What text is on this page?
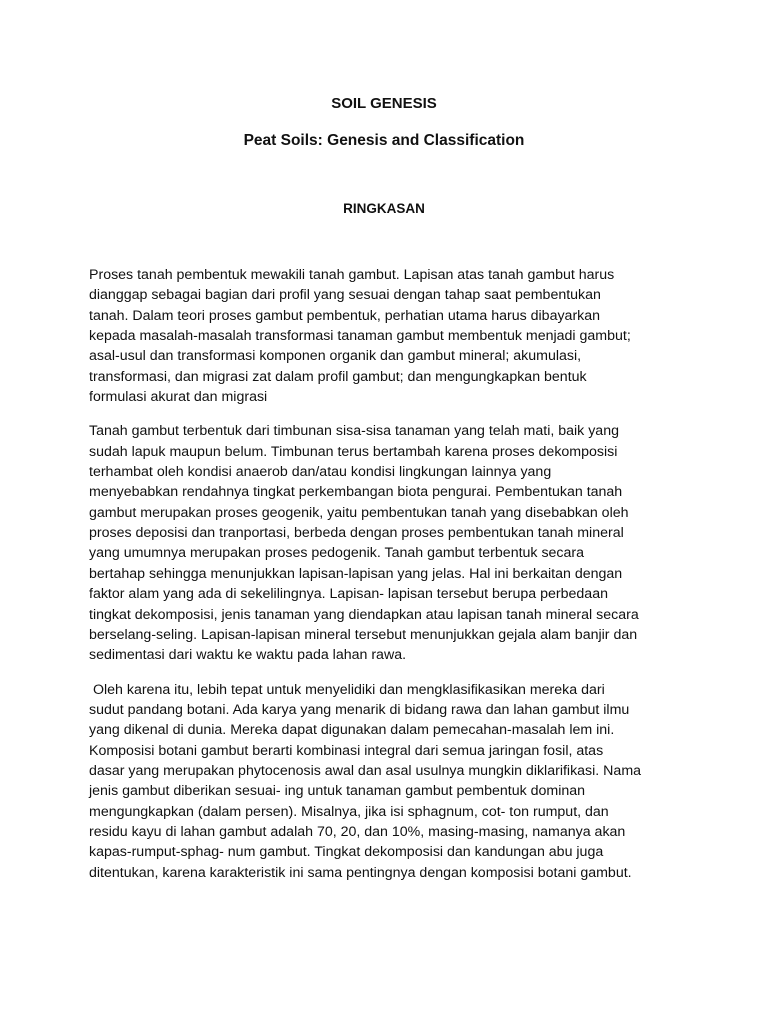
SOIL GENESIS
Peat Soils: Genesis and Classification
RINGKASAN

Proses tanah pembentuk mewakili tanah gambut. Lapisan atas tanah gambut harus
dianggap sebagai bagian dari profil yang sesuai dengan tahap saat pembentukan
tanah. Dalam teori proses gambut pembentuk, perhatian utama harus dibayarkan
kepada masalah-masalah transformasi tanaman gambut membentuk menjadi gambut;
asal-usul dan transformasi komponen organik dan gambut mineral; akumulasi,
transformasi, dan migrasi zat dalam profil gambut; dan mengungkapkan bentuk
formulasi akurat dan migrasi

Tanah gambut terbentuk dari timbunan sisa-sisa tanaman yang telah mati, baik yang
sudah lapuk maupun belum. Timbunan terus bertambah karena proses dekomposisi
terhambat oleh kondisi anaerob dan/atau kondisi lingkungan lainnya yang
menyebabkan rendahnya tingkat perkembangan biota pengurai. Pembentukan tanah
gambut merupakan proses geogenik, yaitu pembentukan tanah yang disebabkan oleh
proses deposisi dan tranportasi, berbeda dengan proses pembentukan tanah mineral
yang umumnya merupakan proses pedogenik. Tanah gambut terbentuk secara
bertahap sehingga menunjukkan lapisan-lapisan yang jelas. Hal ini berkaitan dengan
faktor alam yang ada di sekelilingnya. Lapisan- lapisan tersebut berupa perbedaan
tingkat dekomposisi, jenis tanaman yang diendapkan atau lapisan tanah mineral secara
berselang-seling. Lapisan-lapisan mineral tersebut menunjukkan gejala alam banjir dan
sedimentasi dari waktu ke waktu pada lahan rawa.

Oleh karena itu, lebih tepat untuk menyelidiki dan mengklasifikasikan mereka dari
sudut pandang botani. Ada karya yang menarik di bidang rawa dan lahan gambut ilmu
yang dikenal di dunia. Mereka dapat digunakan dalam pemecahan-masalah lem ini.
Komposisi botani gambut berarti kombinasi integral dari semua jaringan fosil, atas
dasar yang merupakan phytocenosis awal dan asal usulnya mungkin diklarifikasi. Nama
jenis gambut diberikan sesuai- ing untuk tanaman gambut pembentuk dominan
mengungkapkan (dalam persen). Misalnya, jika isi sphagnum, cot- ton rumput, dan
residu kayu di lahan gambut adalah 70, 20, dan 10%, masing-masing, namanya akan
kapas-rumput-sphag- num gambut. Tingkat dekomposisi dan kandungan abu juga
ditentukan, karena karakteristik ini sama pentingnya dengan komposisi botani gambut.
